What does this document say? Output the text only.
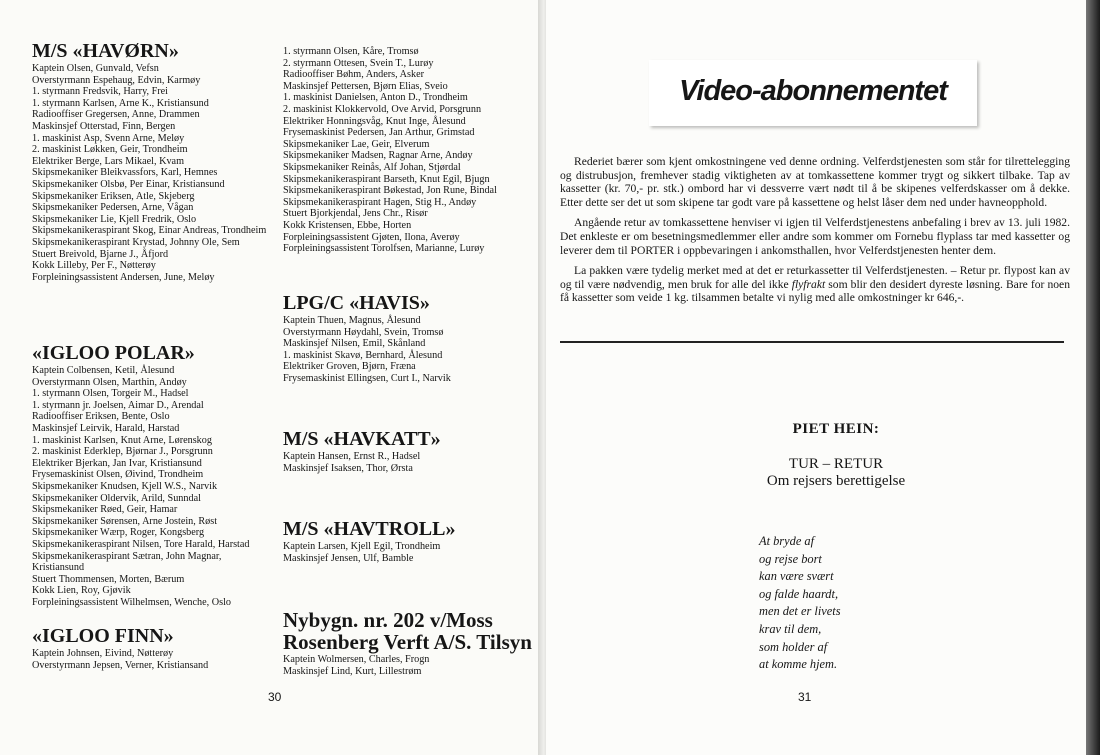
M/S «HAVØRN»
Kaptein Olsen, Gunvald, Vefsn
Overstyrmann Espehaug, Edvin, Karmøy
1. styrmann Fredsvik, Harry, Frei
1. styrmann Karlsen, Arne K., Kristiansund
Radiooffiser Gregersen, Anne, Drammen
Maskinsjef Otterstad, Finn, Bergen
1. maskinist Asp, Svenn Arne, Meløy
2. maskinist Løkken, Geir, Trondheim
Elektriker Berge, Lars Mikael, Kvam
Skipsmekaniker Bleikvassfors, Karl, Hemnes
Skipsmekaniker Olsbø, Per Einar, Kristiansund
Skipsmekaniker Eriksen, Atle, Skjeberg
Skipsmekaniker Pedersen, Arne, Vågan
Skipsmekaniker Lie, Kjell Fredrik, Oslo
Skipsmekanikeraspirant Skog, Einar Andreas, Trondheim
Skipsmekanikeraspirant Krystad, Johnny Ole, Sem
Stuert Breivold, Bjarne J., Åfjord
Kokk Lilleby, Per F., Nøtterøy
Forpleiningsassistent Andersen, June, Meløy
«IGLOO POLAR»
Kaptein Colbensen, Ketil, Ålesund
Overstyrmann Olsen, Marthin, Andøy
1. styrmann Olsen, Torgeir M., Hadsel
1. styrmann jr. Joelsen, Aimar D., Arendal
Radiooffiser Eriksen, Bente, Oslo
Maskinsjef Leirvik, Harald, Harstad
1. maskinist Karlsen, Knut Arne, Lørenskog
2. maskinist Ederklep, Bjørnar J., Porsgrunn
Elektriker Bjerkan, Jan Ivar, Kristiansund
Frysemaskinist Olsen, Øivind, Trondheim
Skipsmekaniker Knudsen, Kjell W.S., Narvik
Skipsmekaniker Oldervik, Arild, Sunndal
Skipsmekaniker Røed, Geir, Hamar
Skipsmekaniker Sørensen, Arne Jostein, Røst
Skipsmekaniker Wærp, Roger, Kongsberg
Skipsmekanikeraspirant Nilsen, Tore Harald, Harstad
Skipsmekanikeraspirant Sætran, John Magnar, Kristiansund
Stuert Thommensen, Morten, Bærum
Kokk Lien, Roy, Gjøvik
Forpleiningsassistent Wilhelmsen, Wenche, Oslo
«IGLOO FINN»
Kaptein Johnsen, Eivind, Nøtterøy
Overstyrmann Jepsen, Verner, Kristiansand
1. styrmann Olsen, Kåre, Tromsø
2. styrmann Ottesen, Svein T., Lurøy
Radiooffiser Bøhm, Anders, Asker
Maskinsjef Pettersen, Bjørn Elias, Sveio
1. maskinist Danielsen, Anton D., Trondheim
2. maskinist Klokkervold, Ove Arvid, Porsgrunn
Elektriker Honningsvåg, Knut Inge, Ålesund
Frysemaskinist Pedersen, Jan Arthur, Grimstad
Skipsmekaniker Lae, Geir, Elverum
Skipsmekaniker Madsen, Ragnar Arne, Andøy
Skipsmekaniker Reinås, Alf Johan, Stjørdal
Skipsmekanikeraspirant Barseth, Knut Egil, Bjugn
Skipsmekanikeraspirant Bøkestad, Jon Rune, Bindal
Skipsmekanikeraspirant Hagen, Stig H., Andøy
Stuert Bjorkjendal, Jens Chr., Risør
Kokk Kristensen, Ebbe, Horten
Forpleiningsassistent Gjøten, Ilona, Averøy
Forpleiningsassistent Torolfsen, Marianne, Lurøy
LPG/C «HAVIS»
Kaptein Thuen, Magnus, Ålesund
Overstyrmann Høydahl, Svein, Tromsø
Maskinsjef Nilsen, Emil, Skånland
1. maskinist Skavø, Bernhard, Ålesund
Elektriker Groven, Bjørn, Fræna
Frysemaskinist Ellingsen, Curt I., Narvik
M/S «HAVKATT»
Kaptein Hansen, Ernst R., Hadsel
Maskinsjef Isaksen, Thor, Ørsta
M/S «HAVTROLL»
Kaptein Larsen, Kjell Egil, Trondheim
Maskinsjef Jensen, Ulf, Bamble
Nybygn. nr. 202 v/Moss
Rosenberg Verft A/S. Tilsyn
Kaptein Wolmersen, Charles, Frogn
Maskinsjef Lind, Kurt, Lillestrøm
30
Video-abonnementet

Rederiet bærer som kjent omkostningene ved denne ordning. Velferdstjenesten som står for tilrettelegging og distrubusjon, fremhever stadig viktigheten av at tomkassettene kommer trygt og sikkert tilbake. Tap av kassetter (kr. 70,- pr. stk.) ombord har vi dessverre vært nødt til å be skipenes velferdskasser om å dekke. Etter dette ser det ut som skipene tar godt vare på kassettene og helst låser dem ned under havneopphold.

Angående retur av tomkassettene henviser vi igjen til Velferdstjenestens anbefaling i brev av 13. juli 1982. Det enkleste er om besetningsmedlemmer eller andre som kommer om Fornebu flyplass tar med kassetter og leverer dem til PORTER i oppbevaringen i ankomsthallen, hvor Velferdstjenesten henter dem.

La pakken være tydelig merket med at det er returkassetter til Velferdstjenesten. – Retur pr. flypost kan av og til være nødvendig, men bruk for alle del ikke flyfrakt som blir den desidert dyreste løsning. Bare for noen få kassetter som veide 1 kg. tilsammen betalte vi nylig med alle omkostninger kr 646,-.

PIET HEIN:
TUR – RETUR
Om rejsers berettigelse
At bryde af
og rejse bort
kan være svært
og falde haardt,
men det er livets
krav til dem,
som holder af
at komme hjem.
31
